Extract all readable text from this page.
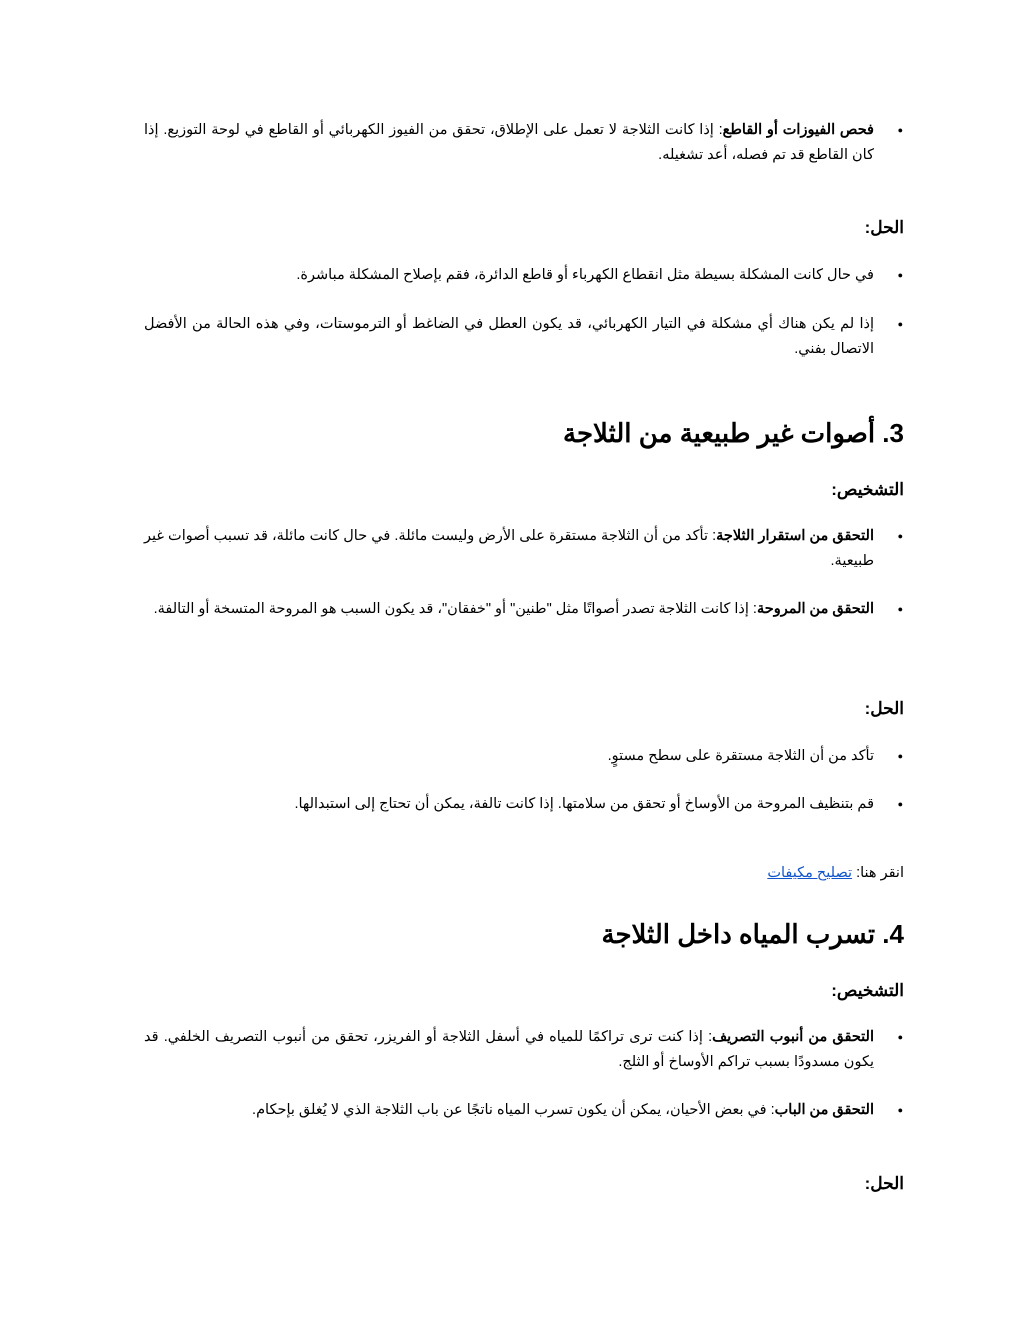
● فحص الفيوزات أو القاطع: إذا كانت الثلاجة لا تعمل على الإطلاق، تحقق من الفيوز الكهربائي أو القاطع في لوحة التوزيع. إذا كان القاطع قد تم فصله، أعد تشغيله.
الحل:
● في حال كانت المشكلة بسيطة مثل انقطاع الكهرباء أو قاطع الدائرة، فقم بإصلاح المشكلة مباشرة.
● إذا لم يكن هناك أي مشكلة في التيار الكهربائي، قد يكون العطل في الضاغط أو الترموستات، وفي هذه الحالة من الأفضل الاتصال بفني.
3. أصوات غير طبيعية من الثلاجة
التشخيص:
● التحقق من استقرار الثلاجة: تأكد من أن الثلاجة مستقرة على الأرض وليست مائلة. في حال كانت مائلة، قد تسبب أصوات غير طبيعية.
● التحقق من المروحة: إذا كانت الثلاجة تصدر أصواتًا مثل "طنين" أو "خفقان"، قد يكون السبب هو المروحة المتسخة أو التالفة.
الحل:
● تأكد من أن الثلاجة مستقرة على سطح مستوٍ.
● قم بتنظيف المروحة من الأوساخ أو تحقق من سلامتها. إذا كانت تالفة، يمكن أن تحتاج إلى استبدالها.
انقر هنا: تصليح مكيفات
4. تسرب المياه داخل الثلاجة
التشخيص:
● التحقق من أنبوب التصريف: إذا كنت ترى تراكمًا للمياه في أسفل الثلاجة أو الفريزر، تحقق من أنبوب التصريف الخلفي. قد يكون مسدودًا بسبب تراكم الأوساخ أو الثلج.
● التحقق من الباب: في بعض الأحيان، يمكن أن يكون تسرب المياه ناتجًا عن باب الثلاجة الذي لا يُغلق بإحكام.
الحل:
